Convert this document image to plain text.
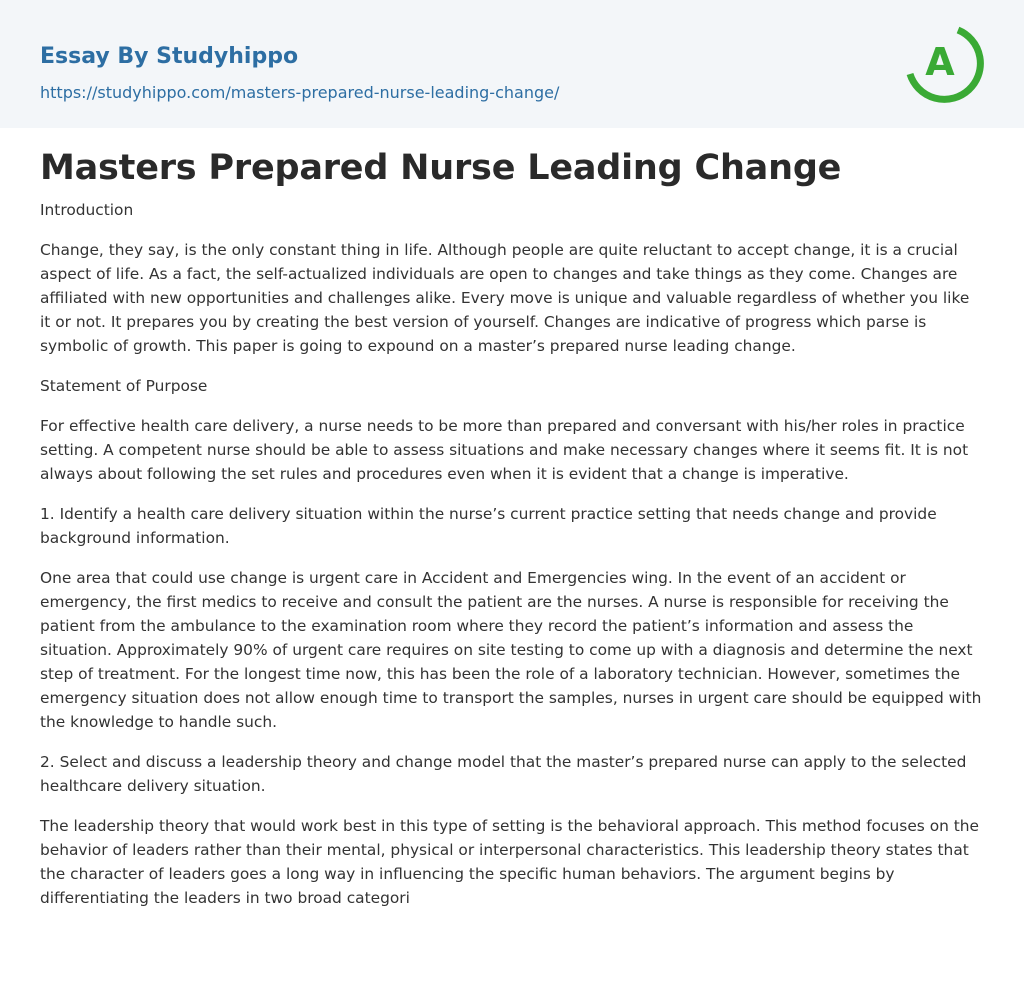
Essay By Studyhippo
https://studyhippo.com/masters-prepared-nurse-leading-change/
A
Masters Prepared Nurse Leading Change

Introduction

Change, they say, is the only constant thing in life. Although people are quite reluctant to accept change, it is a crucial aspect of life. As a fact, the self-actualized individuals are open to changes and take things as they come. Changes are affiliated with new opportunities and challenges alike. Every move is unique and valuable regardless of whether you like it or not. It prepares you by creating the best version of yourself. Changes are indicative of progress which parse is symbolic of growth. This paper is going to expound on a master’s prepared nurse leading change.

Statement of Purpose

For effective health care delivery, a nurse needs to be more than prepared and conversant with his/her roles in practice setting. A competent nurse should be able to assess situations and make necessary changes where it seems fit. It is not always about following the set rules and procedures even when it is evident that a change is imperative.

1. Identify a health care delivery situation within the nurse’s current practice setting that needs change and provide background information.

One area that could use change is urgent care in Accident and Emergencies wing. In the event of an accident or emergency, the first medics to receive and consult the patient are the nurses. A nurse is responsible for receiving the patient from the ambulance to the examination room where they record the patient’s information and assess the situation. Approximately 90% of urgent care requires on site testing to come up with a diagnosis and determine the next step of treatment. For the longest time now, this has been the role of a laboratory technician. However, sometimes the emergency situation does not allow enough time to transport the samples, nurses in urgent care should be equipped with the knowledge to handle such.

2. Select and discuss a leadership theory and change model that the master’s prepared nurse can apply to the selected healthcare delivery situation.

The leadership theory that would work best in this type of setting is the behavioral approach. This method focuses on the behavior of leaders rather than their mental, physical or interpersonal characteristics. This leadership theory states that the character of leaders goes a long way in influencing the specific human behaviors. The argument begins by differentiating the leaders in two broad categori
